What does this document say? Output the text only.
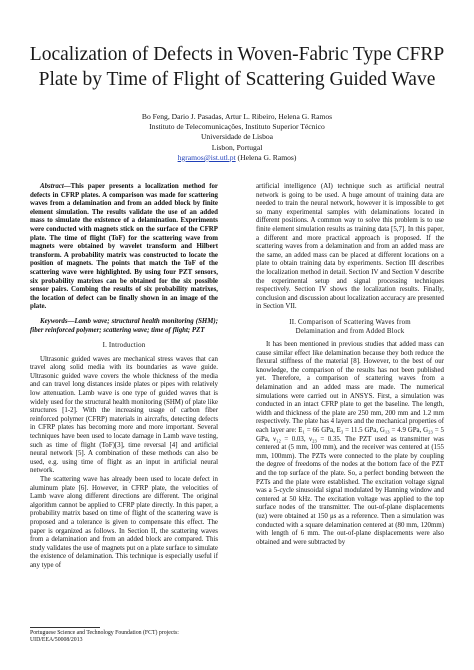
Localization of Defects in Woven-Fabric Type CFRP
Plate by Time of Flight of Scattering Guided Wave
Bo Feng, Dario J. Pasadas, Artur L. Ribeiro, Helena G. Ramos
Instituto de Telecomunicações, Instituto Superior Técnico
Universidade de Lisboa
Lisbon, Portugal
hgramos@ist.utl.pt (Helena G. Ramos)

Abstract—This paper presents a localization method for defects in CFRP plates. A comparison was made for scattering waves from a delamination and from an added block by finite element simulation. The results validate the use of an added mass to simulate the existence of a delamination. Experiments were conducted with magnets stick on the surface of the CFRP plate. The time of flight (ToF) for the scattering wave from magnets were obtained by wavelet transform and Hilbert transform. A probability matrix was constructed to locate the position of magnets. The points that match the ToF of the scattering wave were highlighted. By using four PZT sensors, six probability matrixes can be obtained for the six possible sensor pairs. Combing the results of six probability matrixes, the location of defect can be finally shown in an image of the plate.

Keywords—Lamb wave; structural health monitoring (SHM); fiber reinforced polymer; scattering wave; time of flight; PZT

I. Introduction

Ultrasonic guided waves are mechanical stress waves that can travel along solid media with its boundaries as wave guide. Ultrasonic guided wave covers the whole thickness of the media and can travel long distances inside plates or pipes with relatively low attenuation. Lamb wave is one type of guided waves that is widely used for the structural health monitoring (SHM) of plate like structures [1-2]. With the increasing usage of carbon fiber reinforced polymer (CFRP) materials in aircrafts, detecting defects in CFRP plates has becoming more and more important. Several techniques have been used to locate damage in Lamb wave testing, such as time of flight (ToF)[3], time reversal [4] and artificial neural network [5]. A combination of these methods can also be used, e.g. using time of flight as an input in artificial neural network.

The scattering wave has already been used to locate defect in aluminum plate [6]. However, in CFRP plate, the velocities of Lamb wave along different directions are different. The original algorithm cannot be applied to CFRP plate directly. In this paper, a probability matrix based on time of flight of the scattering wave is proposed and a tolerance is given to compensate this effect. The paper is organized as follows. In Section II, the scattering waves from a delamination and from an added block are compared. This study validates the use of magnets put on a plate surface to simulate the existence of delamination. This technique is especially useful if any type of

artificial intelligence (AI) technique such as artificial neutral network is going to be used. A huge amount of training data are needed to train the neural network, however it is impossible to get so many experimental samples with delaminations located in different positions. A common way to solve this problem is to use finite element simulation results as training data [5,7]. In this paper, a different and more practical approach is proposed. If the scattering waves from a delamination and from an added mass are the same, an added mass can be placed at different locations on a plate to obtain training data by experiments. Section III describes the localization method in detail. Section IV and Section V describe the experimental setup and signal processing techniques respectively. Section IV shows the localization results. Finally, conclusion and discussion about localization accuracy are presented in Section VII.

II. Comparison of Scattering Waves from
Delamination and from Added Block

It has been mentioned in previous studies that added mass can cause similar effect like delamination because they both reduce the flexural stiffness of the material [8]. However, to the best of our knowledge, the comparison of the results has not been published yet. Therefore, a comparison of scattering waves from a delamination and an added mass are made. The numerical simulations were carried out in ANSYS. First, a simulation was conducted in an intact CFRP plate to get the baseline. The length, width and thickness of the plate are 250 mm, 200 mm and 1.2 mm respectively. The plate has 4 layers and the mechanical properties of each layer are: E₁ = 66 GPa, E₃ = 11.5 GPa, G₁₃ = 4.9 GPa, G₂₃ = 5 GPa, ν₁₂ = 0.03, ν₂₃ = 0.35. The PZT used as transmitter was centered at (5 mm, 100 mm), and the receiver was centered at (155 mm, 100mm). The PZTs were connected to the plate by coupling the degree of freedoms of the nodes at the bottom face of the PZT and the top surface of the plate. So, a perfect bonding between the PZTs and the plate were established. The excitation voltage signal was a 5-cycle sinusoidal signal modulated by Hanning window and centered at 50 kHz. The excitation voltage was applied to the top surface nodes of the transmitter. The out-of-plane displacements (uz) were obtained at 150 μs as a reference. Then a simulation was conducted with a square delamination centered at (80 mm, 120mm) with length of 6 mm. The out-of-plane displacements were also obtained and were subtracted by

Portuguese Science and Technology Foundation (FCT) projects:
UID/EEA/50008/2013
